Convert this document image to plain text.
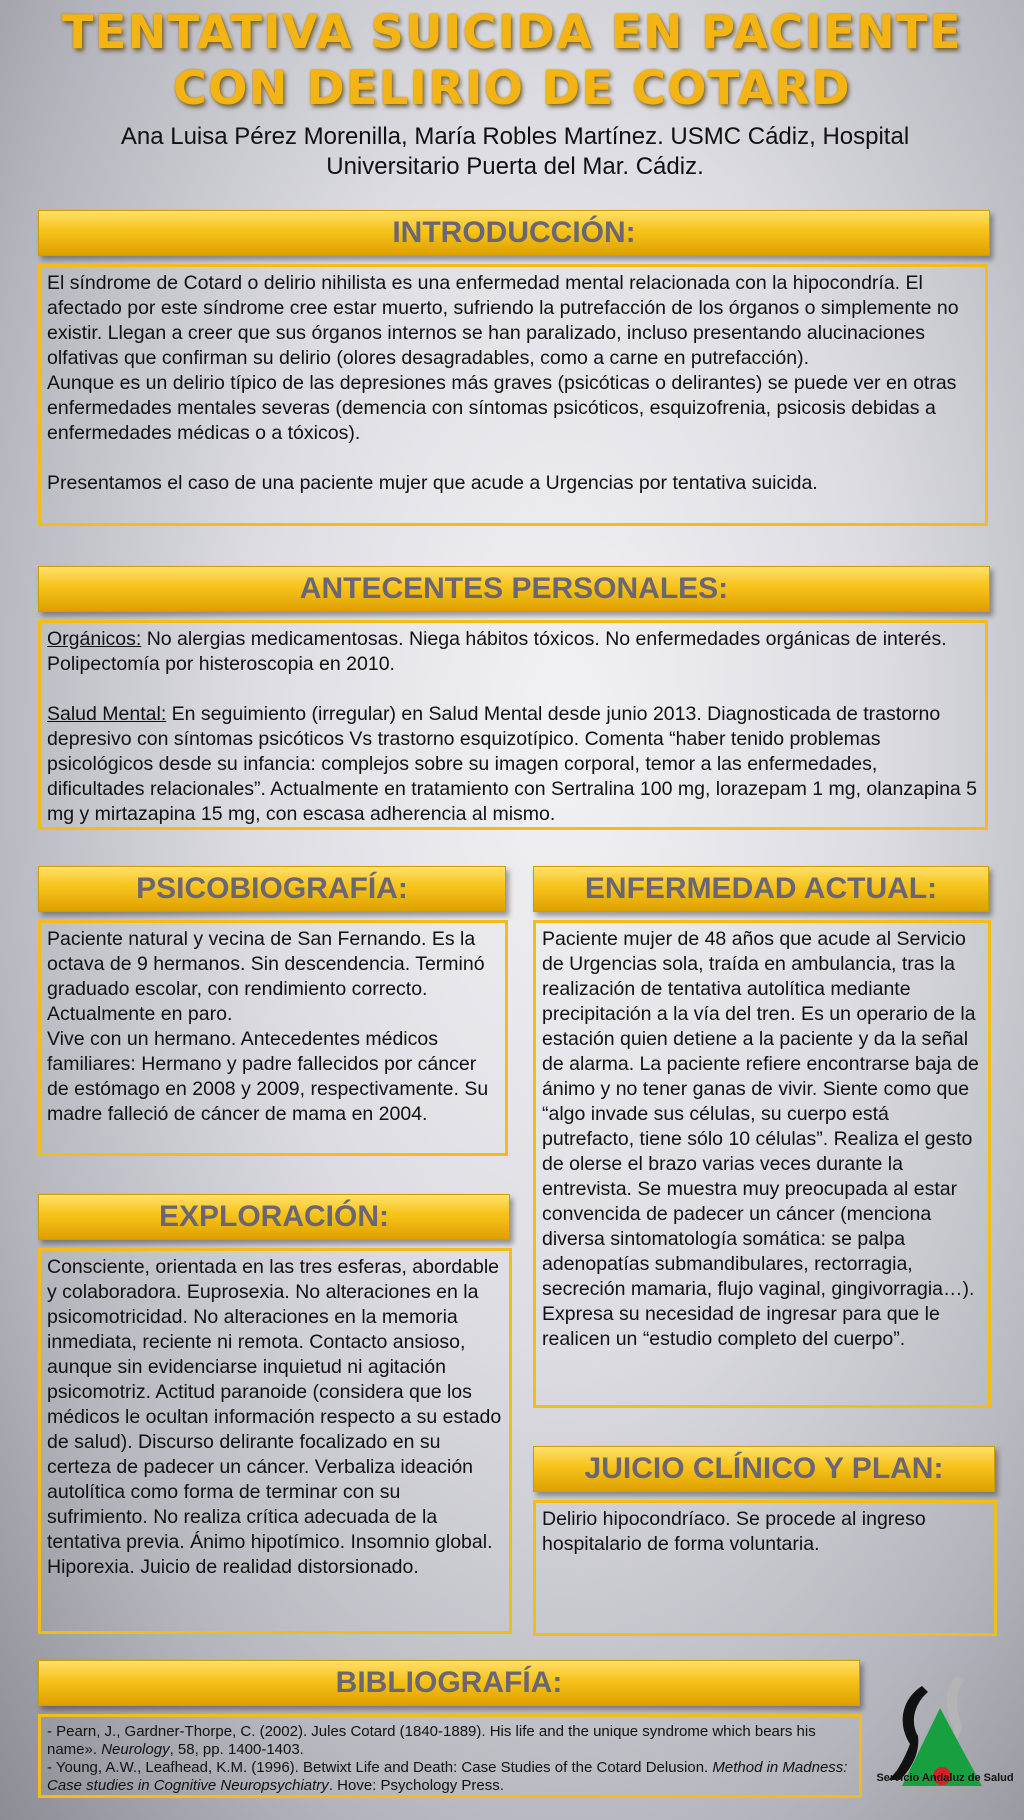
TENTATIVA SUICIDA EN PACIENTE
CON DELIRIO DE COTARD
Ana Luisa Pérez Morenilla, María Robles Martínez. USMC Cádiz, Hospital
Universitario Puerta del Mar. Cádiz.
INTRODUCCIÓN:

El síndrome de Cotard o delirio nihilista es una enfermedad mental relacionada con la hipocondría. El afectado por este síndrome cree estar muerto, sufriendo la putrefacción de los órganos o simplemente no existir. Llegan a creer que sus órganos internos se han paralizado, incluso presentando alucinaciones olfativas que confirman su delirio (olores desagradables, como a carne en putrefacción).

Aunque es un delirio típico de las depresiones más graves (psicóticas o delirantes) se puede ver en otras enfermedades mentales severas (demencia con síntomas psicóticos, esquizofrenia, psicosis debidas a enfermedades médicas o a tóxicos).

Presentamos el caso de una paciente mujer que acude a Urgencias por tentativa suicida.

ANTECENTES PERSONALES:

Orgánicos: No alergias medicamentosas. Niega hábitos tóxicos. No enfermedades orgánicas de interés. Polipectomía por histeroscopia en 2010.

Salud Mental: En seguimiento (irregular) en Salud Mental desde junio 2013. Diagnosticada de trastorno depresivo con síntomas psicóticos Vs trastorno esquizotípico. Comenta “haber tenido problemas psicológicos desde su infancia: complejos sobre su imagen corporal, temor a las enfermedades, dificultades relacionales”. Actualmente en tratamiento con Sertralina 100 mg, lorazepam 1 mg, olanzapina 5 mg y mirtazapina 15 mg, con escasa adherencia al mismo.

PSICOBIOGRAFÍA:

Paciente natural y vecina de San Fernando. Es la octava de 9 hermanos. Sin descendencia. Terminó graduado escolar, con rendimiento correcto. Actualmente en paro.

Vive con un hermano. Antecedentes médicos familiares: Hermano y padre fallecidos por cáncer de estómago en 2008 y 2009, respectivamente. Su madre falleció de cáncer de mama en 2004.

EXPLORACIÓN:

Consciente, orientada en las tres esferas, abordable y colaboradora. Euprosexia. No alteraciones en la psicomotricidad. No alteraciones en la memoria inmediata, reciente ni remota. Contacto ansioso, aunque sin evidenciarse inquietud ni agitación psicomotriz. Actitud paranoide (considera que los médicos le ocultan información respecto a su estado de salud). Discurso delirante focalizado en su certeza de padecer un cáncer. Verbaliza ideación autolítica como forma de terminar con su sufrimiento. No realiza crítica adecuada de la tentativa previa. Ánimo hipotímico. Insomnio global. Hiporexia. Juicio de realidad distorsionado.

ENFERMEDAD ACTUAL:

Paciente mujer de 48 años que acude al Servicio de Urgencias sola, traída en ambulancia, tras la realización de tentativa autolítica mediante precipitación a la vía del tren. Es un operario de la estación quien detiene a la paciente y da la señal de alarma. La paciente refiere encontrarse baja de ánimo y no tener ganas de vivir. Siente como que “algo invade sus células, su cuerpo está putrefacto, tiene sólo 10 células”. Realiza el gesto de olerse el brazo varias veces durante la entrevista. Se muestra muy preocupada al estar convencida de padecer un cáncer (menciona diversa sintomatología somática: se palpa adenopatías submandibulares, rectorragia, secreción mamaria, flujo vaginal, gingivorragia…). Expresa su necesidad de ingresar para que le realicen un “estudio completo del cuerpo”.

JUICIO CLÍNICO Y PLAN:

Delirio hipocondríaco. Se procede al ingreso hospitalario de forma voluntaria.

BIBLIOGRAFÍA:

- Pearn, J., Gardner-Thorpe, C. (2002). Jules Cotard (1840-1889). His life and the unique syndrome which bears his name». Neurology, 58, pp. 1400-1403.

- Young, A.W., Leafhead, K.M. (1996). Betwixt Life and Death: Case Studies of the Cotard Delusion. Method in Madness: Case studies in Cognitive Neuropsychiatry. Hove: Psychology Press.	Servicio Andaluz de Salud
